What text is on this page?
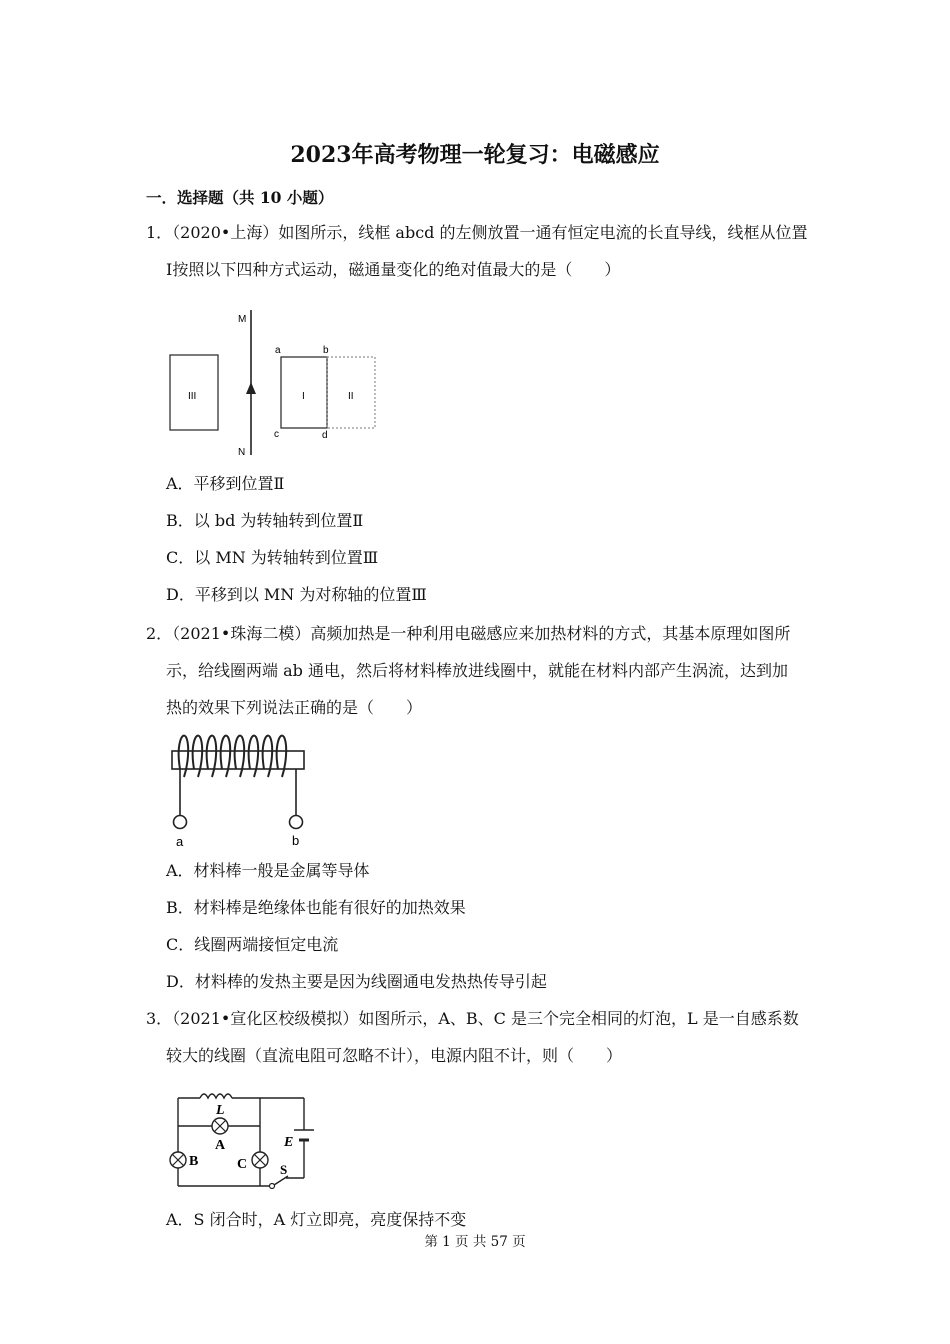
2023年高考物理一轮复习：电磁感应
一．选择题（共 10 小题）
1．（2020•上海）如图所示，线框 abcd 的左侧放置一通有恒定电流的长直导线，线框从位置
Ⅰ按照以下四种方式运动，磁通量变化的绝对值最大的是（　　）
M
N
III	I	II
a	b
c	d
A．平移到位置Ⅱ
B．以 bd 为转轴转到位置Ⅱ
C．以 MN 为转轴转到位置Ⅲ
D．平移到以 MN 为对称轴的位置Ⅲ
2．（2021•珠海二模）高频加热是一种利用电磁感应来加热材料的方式，其基本原理如图所
示，给线圈两端 ab 通电，然后将材料棒放进线圈中，就能在材料内部产生涡流，达到加
热的效果下列说法正确的是（　　）
a	b
A．材料棒一般是金属等导体
B．材料棒是绝缘体也能有很好的加热效果
C．线圈两端接恒定电流
D．材料棒的发热主要是因为线圈通电发热热传导引起
3．（2021•宣化区校级模拟）如图所示，A、B、C 是三个完全相同的灯泡，L 是一自感系数
较大的线圈（直流电阻可忽略不计），电源内阻不计，则（　　）
L
A	E
B	C	S
A．S 闭合时，A 灯立即亮，亮度保持不变
第 1 页 共 57 页
